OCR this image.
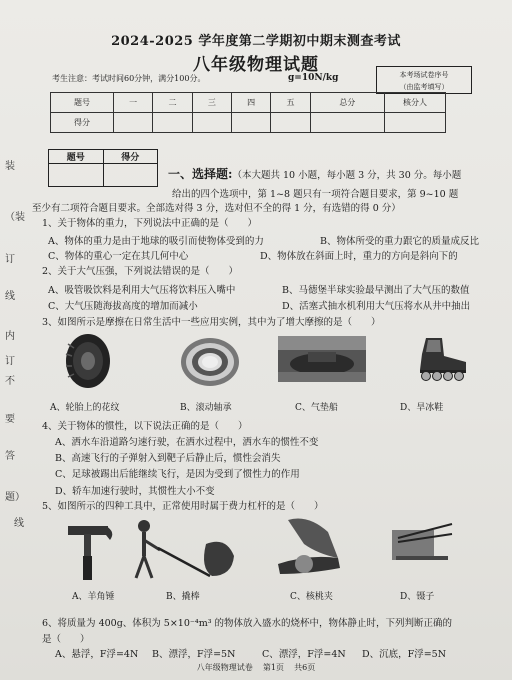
装
（装
订
线
内
订
不
要
答
题）
线
2024-2025 学年度第二学期初中期末测查考试
八年级物理试题
考生注意：考试时间60分钟，满分100分。	g=10N/kg	本考场试卷序号
（由监考填写）
题号	一	二	三	四	五	总分	核分人
得分							
题号	得分

一、选择题:（本大题共 10 小题，每小题 3 分，共 30 分。每小题
给出的四个选项中，第 1~8 题只有一项符合题目要求，第 9~10 题
至少有二项符合题目要求。全部选对得 3 分，选对但不全的得 1 分，有选错的得 0 分）
1、关于物体的重力，下列说法中正确的是（　　）
A、物体的重力是由于地球的吸引而使物体受到的力	B、物体所受的重力跟它的质量成反比
C、物体的重心一定在其几何中心	D、物体放在斜面上时，重力的方向是斜向下的
2、关于大气压强，下列说法错误的是（　　）
A、吸管吸饮料是利用大气压将饮料压入嘴中	B、马德堡半球实验最早测出了大气压的数值
C、大气压随海拔高度的增加而减小	D、活塞式抽水机利用大气压将水从井中抽出
3、如图所示是摩擦在日常生活中一些应用实例，其中为了增大摩擦的是（　　）
A、轮胎上的花纹	B、滚动轴承	C、气垫船	D、旱冰鞋
4、关于物体的惯性，以下说法正确的是（　　）
A、洒水车沿道路匀速行驶，在洒水过程中，洒水车的惯性不变
B、高速飞行的子弹射入到靶子后静止后，惯性会消失
C、足球被踢出后能继续飞行，是因为受到了惯性力的作用
D、轿车加速行驶时，其惯性大小不变
5、如图所示的四种工具中，正常使用时属于费力杠杆的是（　　）
A、羊角锤	B、撬棒	C、核桃夹	D、镊子
6、将质量为 400g、体积为 5×10⁻⁴m³ 的物体放入盛水的烧杯中，物体静止时，下列判断正确的
是（　　）
A、悬浮，F浮=4N B、漂浮，F浮=5N	C、漂浮，F浮=4N D、沉底，F浮=5N
八年级物理试卷 第1页 共6页
